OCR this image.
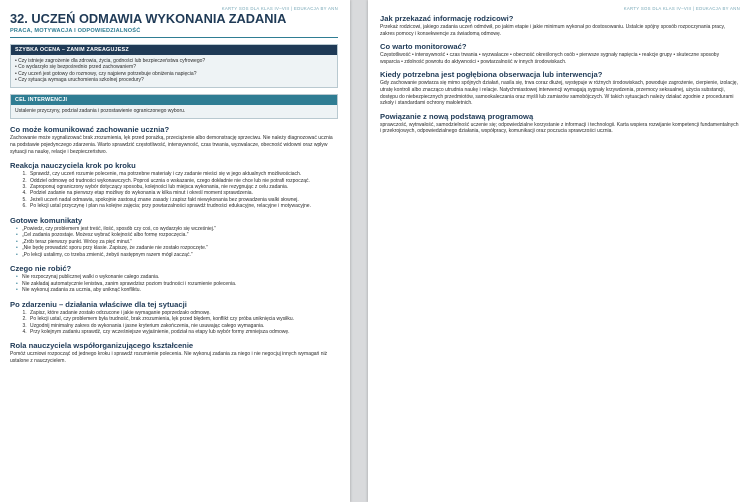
KARTY SOS DLA KLAS IV–VIII | EDUKACJA BY ANN
32. UCZEŃ ODMAWIA WYKONANIA ZADANIA
PRACA, MOTYWACJA I ODPOWIEDZIALNOŚĆ
SZYBKA OCENA – ZANIM ZAREAGUJESZ
• Czy istnieje zagrożenie dla zdrowia, życia, godności lub bezpieczeństwa cyfrowego?
• Co wydarzyło się bezpośrednio przed zachowaniem?
• Czy uczeń jest gotowy do rozmowy, czy najpierw potrzebuje obniżenia napięcia?
• Czy sytuacja wymaga uruchomienia szkolnej procedury?
CEL INTERWENCJI
Ustalenie przyczyny, podział zadania i pozostawienie ograniczonego wyboru.
Co może komunikować zachowanie ucznia?

Zachowanie może sygnalizować brak zrozumienia, lęk przed porażką, przeciążenie albo demonstrację sprzeciwu. Nie należy diagnozować ucznia na podstawie pojedynczego zdarzenia. Warto sprawdzić częstotliwość, intensywność, czas trwania, wyzwalacze, obecność widowni oraz wpływ sytuacji na naukę, relacje i bezpieczeństwo.

Reakcja nauczyciela krok po kroku
1. Sprawdź, czy uczeń rozumie polecenie, ma potrzebne materiały i czy zadanie mieści się w jego aktualnych możliwościach.
2. Oddziel odmowę od trudności wykonawczych. Poproś ucznia o wskazanie, czego dokładnie nie chce lub nie potrafi rozpocząć.
3. Zaproponuj ograniczony wybór dotyczący sposobu, kolejności lub miejsca wykonania, nie rezygnując z celu zadania.
4. Podziel zadanie na pierwszy etap możliwy do wykonania w kilka minut i określ moment sprawdzenia.
5. Jeżeli uczeń nadal odmawia, spokojnie zastosuj znane zasady i zapisz fakt niewykonania bez prowadzenia walki słownej.
6. Po lekcji ustal przyczynę i plan na kolejne zajęcia; przy powtarzalności sprawdź trudności edukacyjne, relacyjne i motywacyjne.
Gotowe komunikaty
• „Powiedz, czy problemem jest treść, ilość, sposób czy coś, co wydarzyło się wcześniej.”
• „Cel zadania pozostaje. Możesz wybrać kolejność albo formę rozpoczęcia.”
• „Zrób teraz pierwszy punkt. Wrócę za pięć minut.”
• „Nie będę prowadzić sporu przy klasie. Zapiszę, że zadanie nie zostało rozpoczęte.”
• „Po lekcji ustalimy, co trzeba zmienić, żebyś następnym razem mógł zacząć.”
Czego nie robić?
• Nie rozpoczynaj publicznej walki o wykonanie całego zadania.
• Nie zakładaj automatycznie lenistwa, zanim sprawdzisz poziom trudności i rozumienie polecenia.
• Nie wykonuj zadania za ucznia, aby uniknąć konfliktu.
Po zdarzeniu – działania właściwe dla tej sytuacji
1. Zapisz, które zadanie zostało odrzucone i jakie wymaganie poprzedzało odmowę.
2. Po lekcji ustal, czy problemem była trudność, brak zrozumienia, lęk przed błędem, konflikt czy próba uniknięcia wysiłku.
3. Uzgodnij minimalny zakres do wykonania i jasne kryterium zakończenia, nie usuwając całego wymagania.
4. Przy kolejnym zadaniu sprawdź, czy wcześniejsze wyjaśnienie, podział na etapy lub wybór formy zmniejsza odmowę.
Rola nauczyciela współorganizującego kształcenie

Pomóż uczniowi rozpocząć od jednego kroku i sprawdź rozumienie polecenia. Nie wykonuj zadania za niego i nie negocjuj innych wymagań niż ustalone z nauczycielem.

KARTY SOS DLA KLAS IV–VIII | EDUKACJA BY ANN
Jak przekazać informację rodzicowi?

Przekaż rodzicowi, jakiego zadania uczeń odmówił, po jakim etapie i jakie minimum wykonał po dostosowaniu. Ustalcie spójny sposób rozpoczynania pracy, zakres pomocy i konsekwencje za świadomą odmowę.

Co warto monitorować?

Częstotliwość • intensywność • czas trwania • wyzwalacze • obecność określonych osób • pierwsze sygnały napięcia • reakcje grupy • skuteczne sposoby wsparcia • zdolność powrotu do aktywności • powtarzalność w innych środowiskach.

Kiedy potrzebna jest pogłębiona obserwacja lub interwencja?

Gdy zachowanie powtarza się mimo spójnych działań, nasila się, trwa coraz dłużej, występuje w różnych środowiskach, powoduje zagrożenie, cierpienie, izolację, utratę kontroli albo znacząco utrudnia naukę i relacje. Natychmiastowej interwencji wymagają sygnały krzywdzenia, przemocy seksualnej, użycia substancji, dostępu do niebezpiecznych przedmiotów, samookaleczania oraz myśli lub zamiarów samobójczych. W takich sytuacjach należy działać zgodnie z procedurami szkoły i standardami ochrony małoletnich.

Powiązanie z nową podstawą programową

sprawczość, wytrwałość, samodzielność uczenie się; odpowiedzialne korzystanie z informacji i technologii. Karta wspiera rozwijanie kompetencji fundamentalnych i przekrojowych, odpowiedzialnego działania, współpracy, komunikacji oraz poczucia sprawczości ucznia.
